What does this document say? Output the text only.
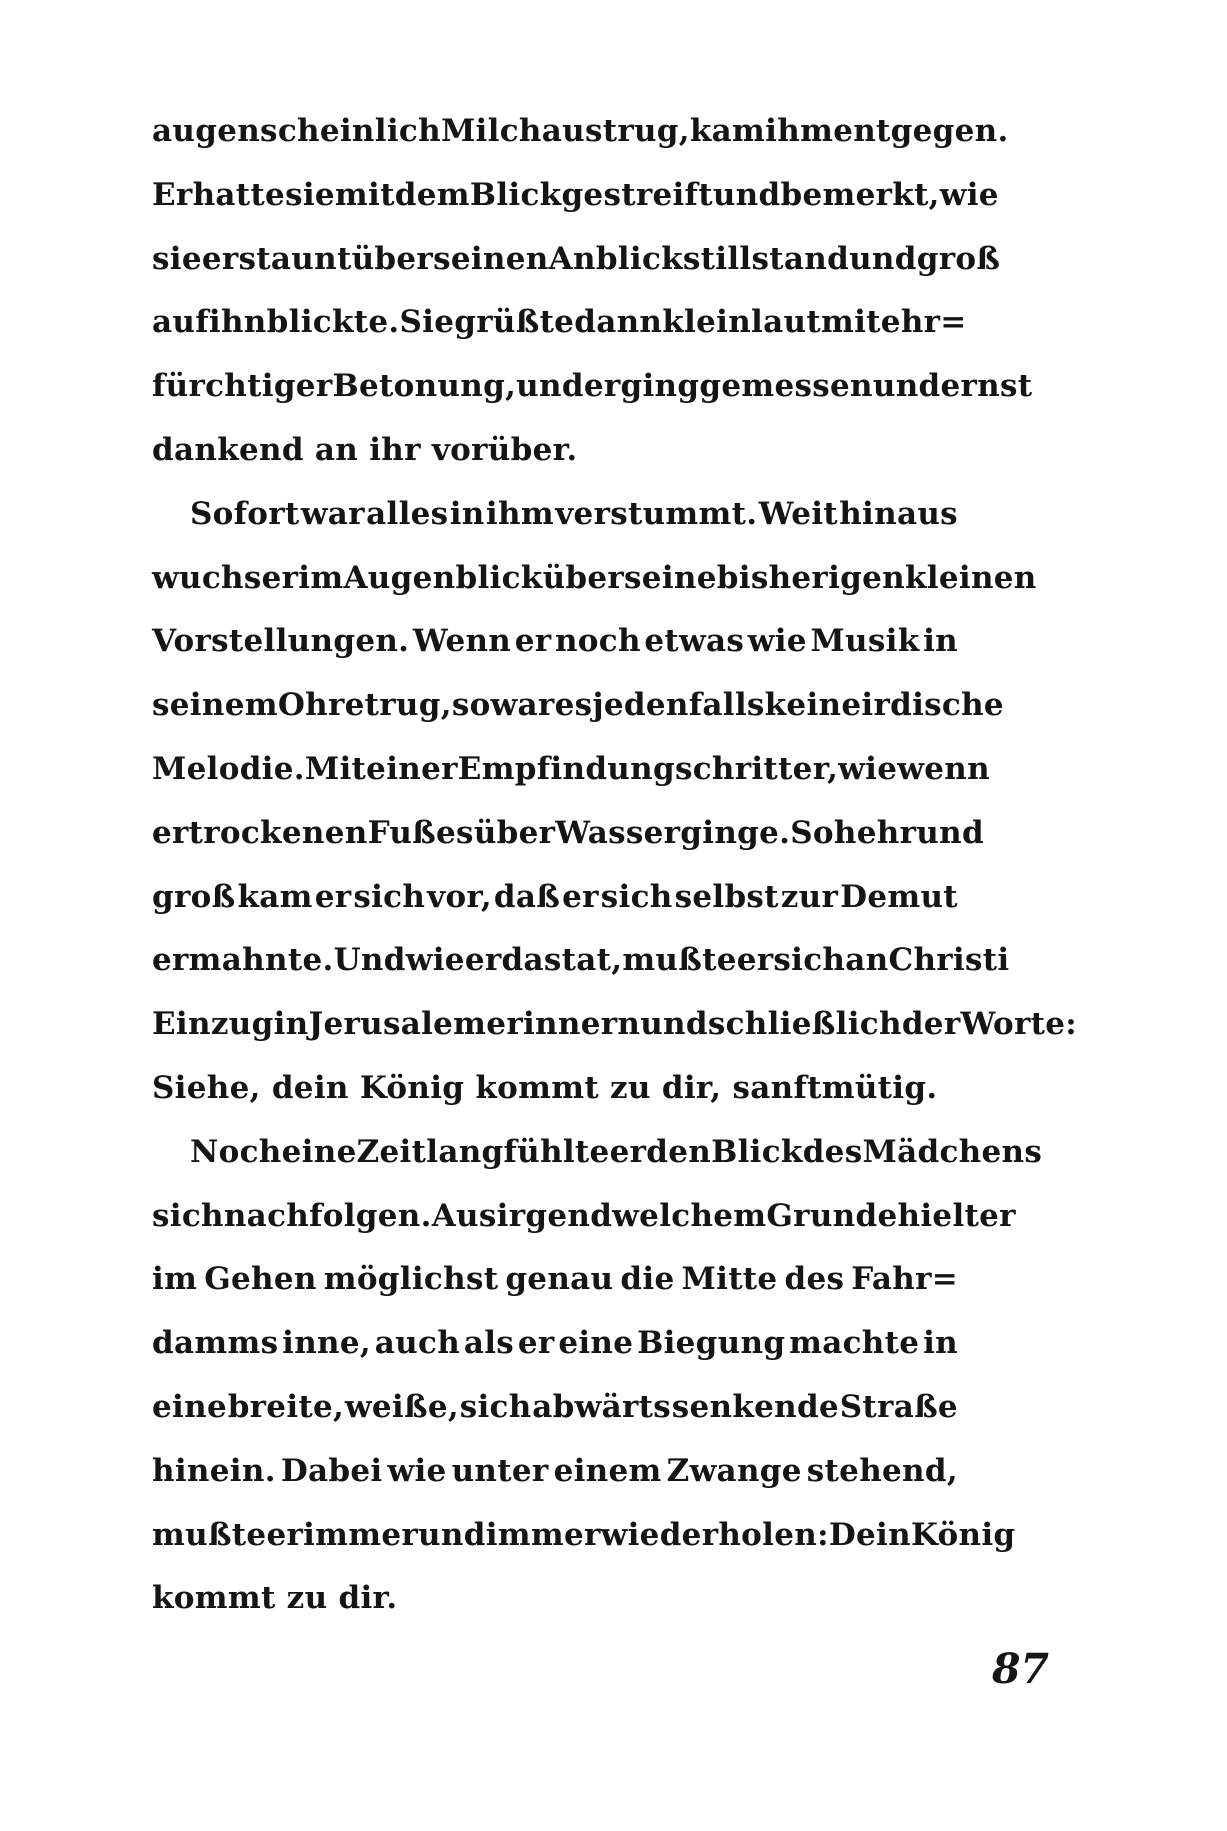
augenscheinlich Milch austrug, kam ihm entgegen.
Er hatte sie mit dem Blick gestreift und bemerkt, wie
sie erstaunt über seinen Anblick still stand und groß
auf ihn blickte. Sie grüßte dann kleinlaut mit ehr=
fürchtiger Betonung, und er ging gemessen und ernst
dankend an ihr vorüber.
Sofort war alles in ihm verstummt. Weit hinaus
wuchs er im Augenblick über seine bisherigen kleinen
Vorstellungen. Wenn er noch etwas wie Musik in
seinem Ohre trug, so war es jedenfalls keine irdische
Melodie. Mit einer Empfindung schritt er, wie wenn
er trockenen Fußes über Wasser ginge. So hehr und
groß kam er sich vor, daß er sich selbst zur Demut
ermahnte. Und wie er das tat, mußte er sich an Christi
Einzug in Jerusalem erinnern und schließlich der Worte:
Siehe, dein König kommt zu dir, sanftmütig.
Noch eine Zeitlang fühlte er den Blick des Mädchens
sich nachfolgen. Aus irgendwelchem Grunde hielt er
im Gehen möglichst genau die Mitte des Fahr=
damms inne, auch als er eine Biegung machte in
eine breite, weiße, sich abwärts senkende Straße
hinein. Dabei wie unter einem Zwange stehend,
mußte er immer und immer wiederholen: Dein König
kommt zu dir.
87
